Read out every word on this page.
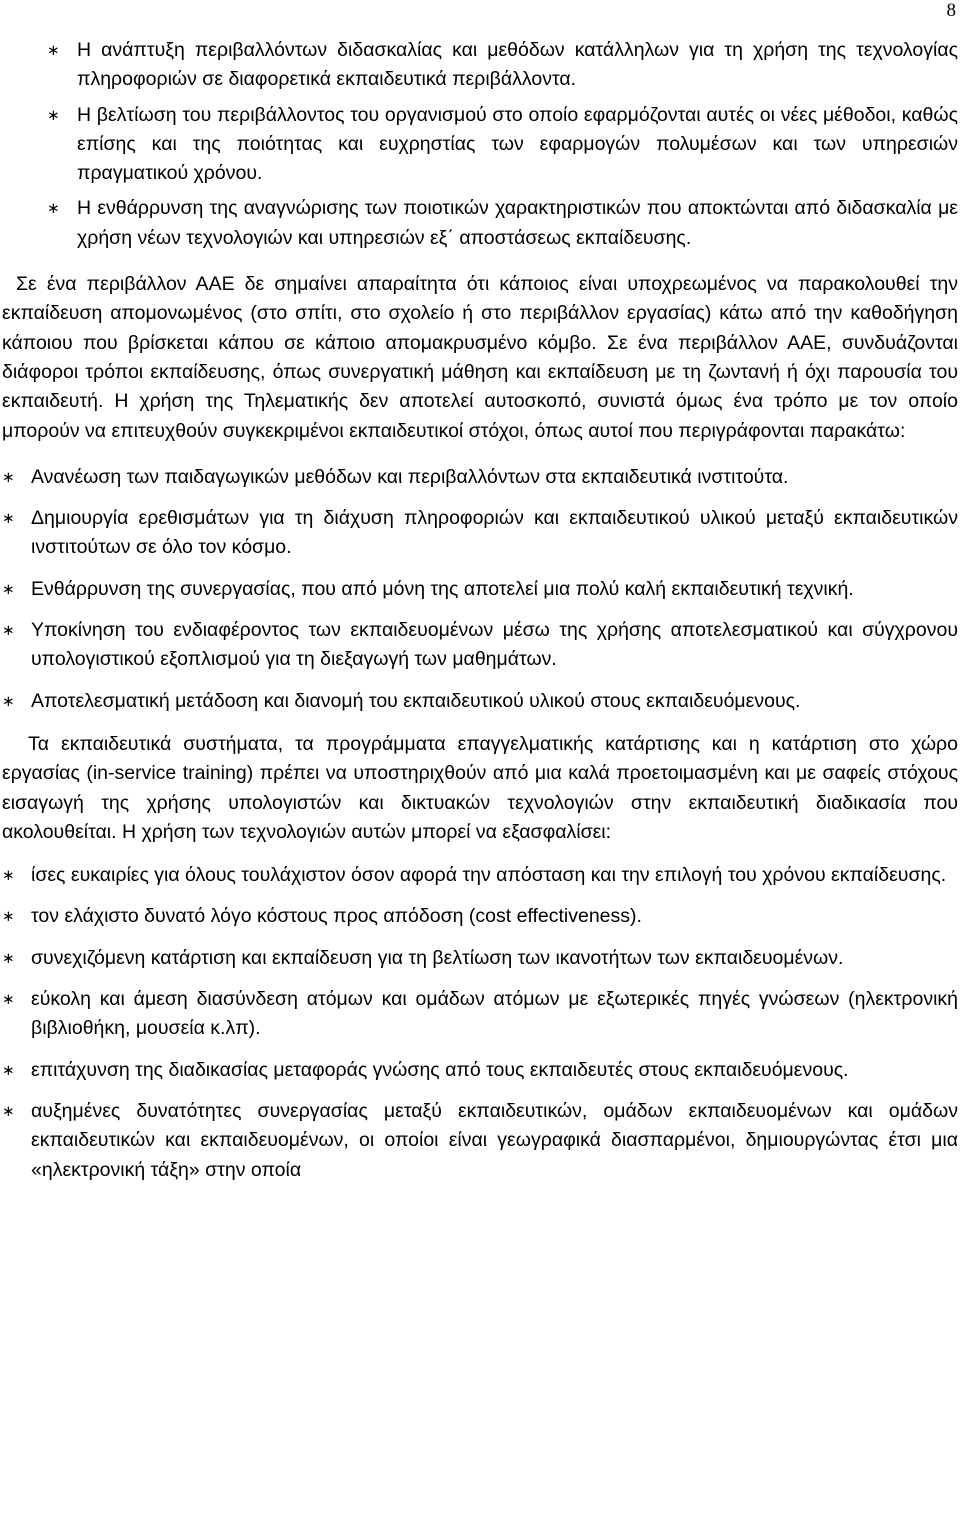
8
∗ Η ανάπτυξη περιβαλλόντων διδασκαλίας και μεθόδων κατάλληλων για τη χρήση της τεχνολογίας πληροφοριών σε διαφορετικά εκπαιδευτικά περιβάλλοντα.
∗ Η βελτίωση του περιβάλλοντος του οργανισμού στο οποίο εφαρμόζονται αυτές οι νέες μέθοδοι, καθώς επίσης και της ποιότητας και ευχρηστίας των εφαρμογών πολυμέσων και των υπηρεσιών πραγματικού χρόνου.
∗ Η ενθάρρυνση της αναγνώρισης των ποιοτικών χαρακτηριστικών που αποκτώνται από διδασκαλία με χρήση νέων τεχνολογιών και υπηρεσιών εξ΄ αποστάσεως εκπαίδευσης.

Σε ένα περιβάλλον ΑΑΕ δε σημαίνει απαραίτητα ότι κάποιος είναι υποχρεωμένος να παρακολουθεί την εκπαίδευση απομονωμένος (στο σπίτι, στο σχολείο ή στο περιβάλλον εργασίας) κάτω από την καθοδήγηση κάποιου που βρίσκεται κάπου σε κάποιο απομακρυσμένο κόμβο. Σε ένα περιβάλλον ΑΑΕ, συνδυάζονται διάφοροι τρόποι εκπαίδευσης, όπως συνεργατική μάθηση και εκπαίδευση με τη ζωντανή ή όχι παρουσία του εκπαιδευτή. Η χρήση της Τηλεματικής δεν αποτελεί αυτοσκοπό, συνιστά όμως ένα τρόπο με τον οποίο μπορούν να επιτευχθούν συγκεκριμένοι εκπαιδευτικοί στόχοι, όπως αυτοί που περιγράφονται παρακάτω:

∗ Ανανέωση των παιδαγωγικών μεθόδων και περιβαλλόντων στα εκπαιδευτικά ινστιτούτα.
∗ Δημιουργία ερεθισμάτων για τη διάχυση πληροφοριών και εκπαιδευτικού υλικού μεταξύ εκπαιδευτικών ινστιτούτων σε όλο τον κόσμο.
∗ Ενθάρρυνση της συνεργασίας, που από μόνη της αποτελεί μια πολύ καλή εκπαιδευτική τεχνική.
∗ Υποκίνηση του ενδιαφέροντος των εκπαιδευομένων μέσω της χρήσης αποτελεσματικού και σύγχρονου υπολογιστικού εξοπλισμού για τη διεξαγωγή των μαθημάτων.
∗ Αποτελεσματική μετάδοση και διανομή του εκπαιδευτικού υλικού στους εκπαιδευόμενους.

Τα εκπαιδευτικά συστήματα, τα προγράμματα επαγγελματικής κατάρτισης και η κατάρτιση στο χώρο εργασίας (in-service training) πρέπει να υποστηριχθούν από μια καλά προετοιμασμένη και με σαφείς στόχους εισαγωγή της χρήσης υπολογιστών και δικτυακών τεχνολογιών στην εκπαιδευτική διαδικασία που ακολουθείται. Η χρήση των τεχνολογιών αυτών μπορεί να εξασφαλίσει:

∗ ίσες ευκαιρίες για όλους τουλάχιστον όσον αφορά την απόσταση και την επιλογή του χρόνου εκπαίδευσης.
∗ τον ελάχιστο δυνατό λόγο κόστους προς απόδοση (cost effectiveness).
∗ συνεχιζόμενη κατάρτιση και εκπαίδευση για τη βελτίωση των ικανοτήτων των εκπαιδευομένων.
∗ εύκολη και άμεση διασύνδεση ατόμων και ομάδων ατόμων με εξωτερικές πηγές γνώσεων (ηλεκτρονική βιβλιοθήκη, μουσεία κ.λπ).
∗ επιτάχυνση της διαδικασίας μεταφοράς γνώσης από τους εκπαιδευτές στους εκπαιδευόμενους.
∗ αυξημένες δυνατότητες συνεργασίας μεταξύ εκπαιδευτικών, ομάδων εκπαιδευομένων και ομάδων εκπαιδευτικών και εκπαιδευομένων, οι οποίοι είναι γεωγραφικά διασπαρμένοι, δημιουργώντας έτσι μια «ηλεκτρονική τάξη» στην οποία
